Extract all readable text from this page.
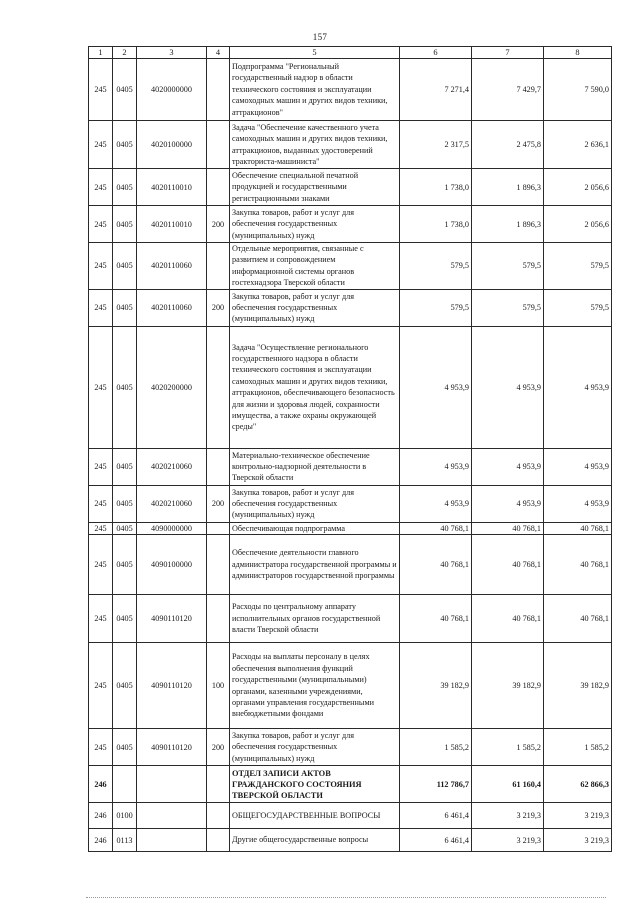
157
1	2	3	4	5	6	7	8
245	0405	4020000000		Подпрограмма "Региональный государственный надзор в области технического состояния и эксплуатации самоходных машин и других видов техники, аттракционов"	7 271,4	7 429,7	7 590,0
245	0405	4020100000		Задача "Обеспечение качественного учета самоходных машин и других видов техники, аттракционов, выданных удостоверений тракториста-машиниста"	2 317,5	2 475,8	2 636,1
245	0405	4020110010		Обеспечение специальной печатной продукцией и государственными регистрационными знаками	1 738,0	1 896,3	2 056,6
245	0405	4020110010	200	Закупка товаров, работ и услуг для обеспечения государственных (муниципальных) нужд	1 738,0	1 896,3	2 056,6
245	0405	4020110060		Отдельные мероприятия, связанные с развитием и сопровождением информационной системы органов гостехнадзора Тверской области	579,5	579,5	579,5
245	0405	4020110060	200	Закупка товаров, работ и услуг для обеспечения государственных (муниципальных) нужд	579,5	579,5	579,5
245	0405	4020200000		Задача "Осуществление регионального государственного надзора в области технического состояния и эксплуатации самоходных машин и других видов техники, аттракционов, обеспечивающего безопасность для жизни и здоровья людей, сохранности имущества, а также охраны окружающей среды"	4 953,9	4 953,9	4 953,9
245	0405	4020210060		Материально-техническое обеспечение контрольно-надзорной деятельности в Тверской области	4 953,9	4 953,9	4 953,9
245	0405	4020210060	200	Закупка товаров, работ и услуг для обеспечения государственных (муниципальных) нужд	4 953,9	4 953,9	4 953,9
245	0405	4090000000		Обеспечивающая подпрограмма	40 768,1	40 768,1	40 768,1
245	0405	4090100000		Обеспечение деятельности главного администратора государственной программы и администраторов государственной программы	40 768,1	40 768,1	40 768,1
245	0405	4090110120		Расходы по центральному аппарату исполнительных органов государственной власти Тверской области	40 768,1	40 768,1	40 768,1
245	0405	4090110120	100	Расходы на выплаты персоналу в целях обеспечения выполнения функций государственными (муниципальными) органами, казенными учреждениями, органами управления государственными внебюджетными фондами	39 182,9	39 182,9	39 182,9
245	0405	4090110120	200	Закупка товаров, работ и услуг для обеспечения государственных (муниципальных) нужд	1 585,2	1 585,2	1 585,2
246				ОТДЕЛ ЗАПИСИ АКТОВ ГРАЖДАНСКОГО СОСТОЯНИЯ ТВЕРСКОЙ ОБЛАСТИ	112 786,7	61 160,4	62 866,3
246	0100			ОБЩЕГОСУДАРСТВЕННЫЕ ВОПРОСЫ	6 461,4	3 219,3	3 219,3
246	0113			Другие общегосударственные вопросы	6 461,4	3 219,3	3 219,3
